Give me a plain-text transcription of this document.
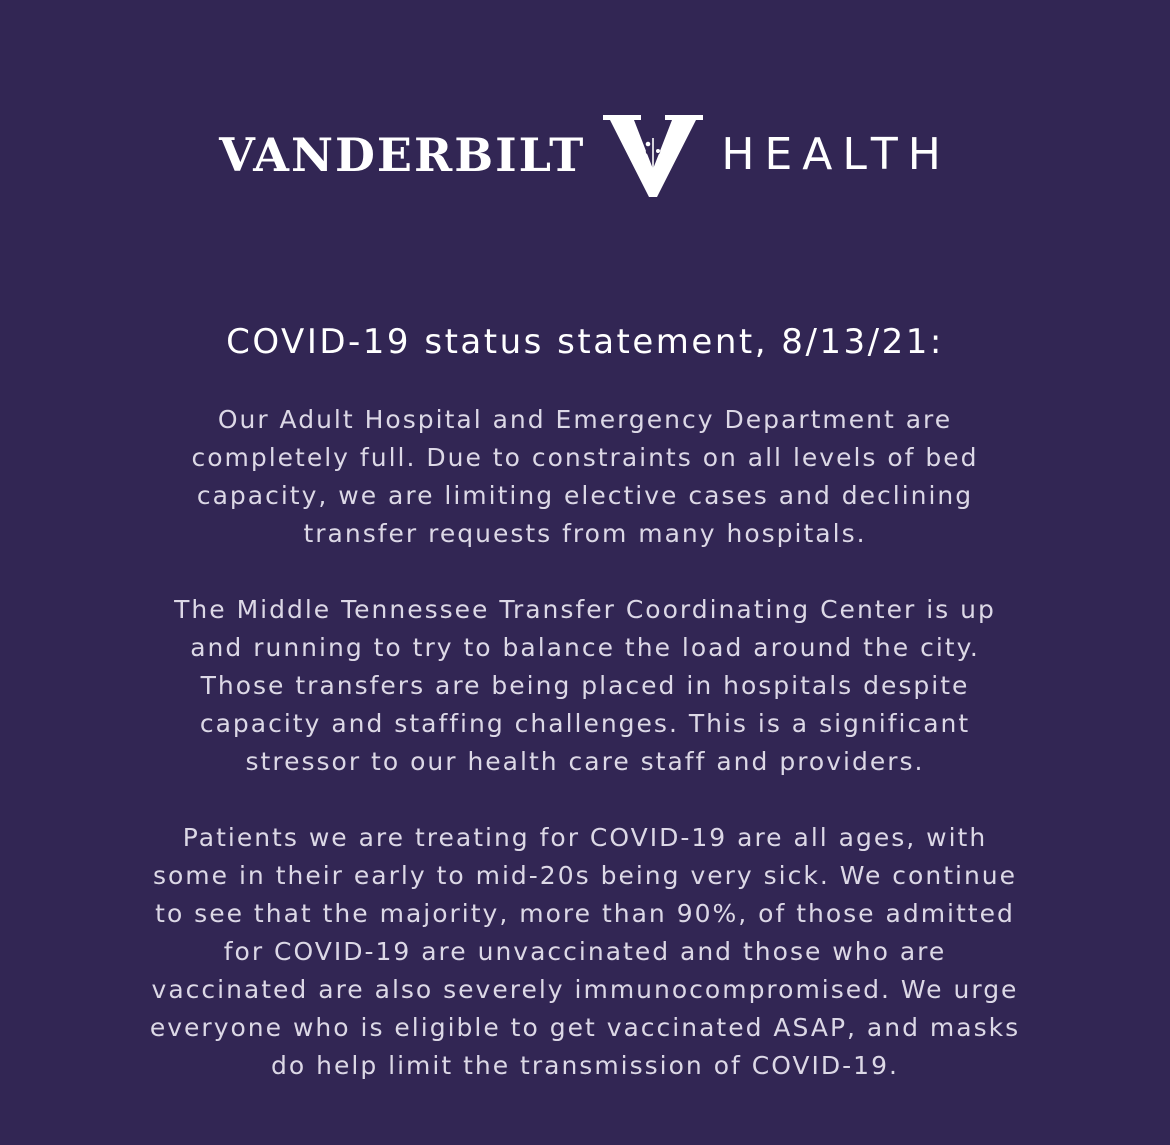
VANDERBILT	HEALTH
COVID-19 status statement, 8/13/21:

Our Adult Hospital and Emergency Department are
completely full. Due to constraints on all levels of bed
capacity, we are limiting elective cases and declining
transfer requests from many hospitals.

The Middle Tennessee Transfer Coordinating Center is up
and running to try to balance the load around the city.
Those transfers are being placed in hospitals despite
capacity and staffing challenges. This is a significant
stressor to our health care staff and providers.

Patients we are treating for COVID-19 are all ages, with
some in their early to mid-20s being very sick. We continue
to see that the majority, more than 90%, of those admitted
for COVID-19 are unvaccinated and those who are
vaccinated are also severely immunocompromised. We urge
everyone who is eligible to get vaccinated ASAP, and masks
do help limit the transmission of COVID-19.
